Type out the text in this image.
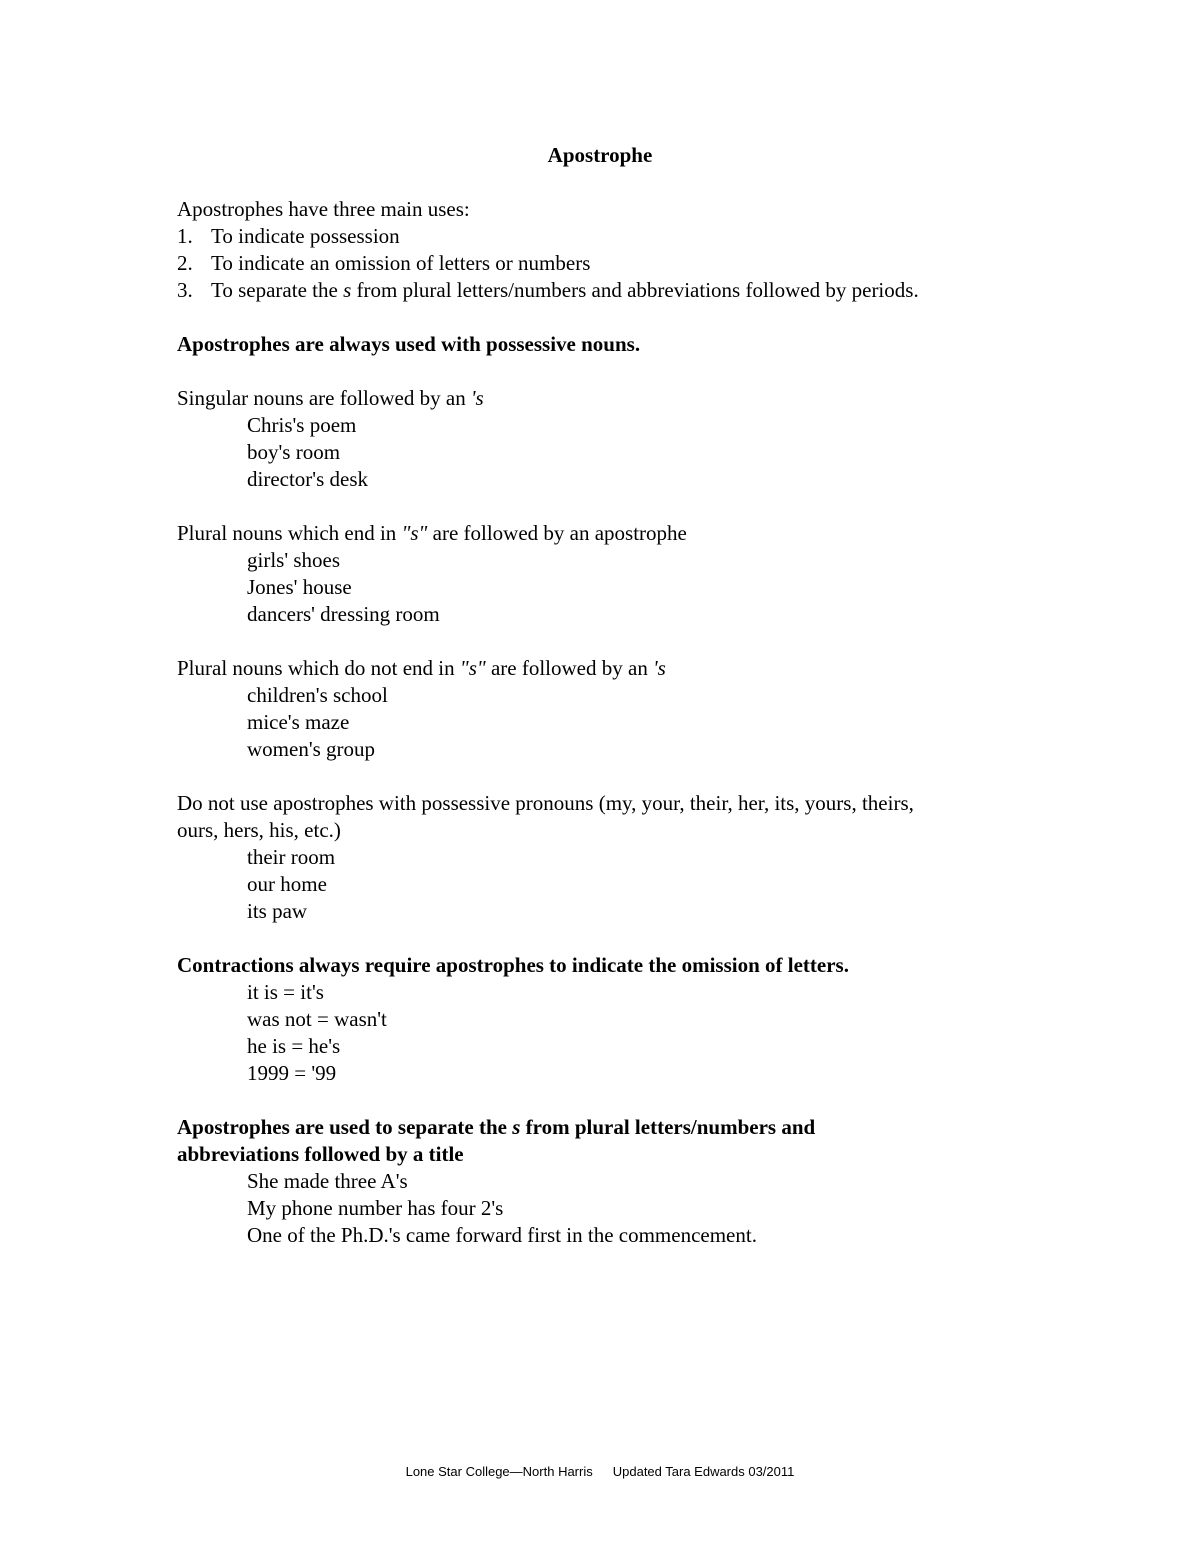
Apostrophe
Apostrophes have three main uses:
1. To indicate possession
2. To indicate an omission of letters or numbers
3. To separate the s from plural letters/numbers and abbreviations followed by periods.
Apostrophes are always used with possessive nouns.
Singular nouns are followed by an 's
Chris's poem
boy's room
director's desk
Plural nouns which end in "s" are followed by an apostrophe
girls' shoes
Jones' house
dancers' dressing room
Plural nouns which do not end in "s" are followed by an 's
children's school
mice's maze
women's group
Do not use apostrophes with possessive pronouns (my, your, their, her, its, yours, theirs,
ours, hers, his, etc.)
their room
our home
its paw
Contractions always require apostrophes to indicate the omission of letters.
it is = it's
was not = wasn't
he is = he's
1999 = '99
Apostrophes are used to separate the s from plural letters/numbers and
abbreviations followed by a title
She made three A's
My phone number has four 2's
One of the Ph.D.'s came forward first in the commencement.
Lone Star College—North Harris Updated Tara Edwards 03/2011
